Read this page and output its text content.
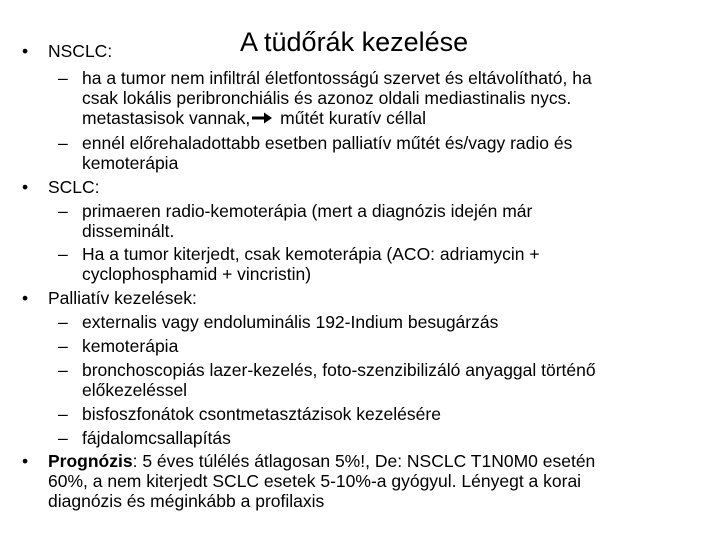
A tüdőrák kezelése
• NSCLC:
– ha a tumor nem infiltrál életfontosságú szervet és eltávolítható, ha
csak lokális peribronchiális és azonoz oldali mediastinalis nycs.
metastasisok vannak, műtét kuratív céllal
– ennél előrehaladottabb esetben palliatív műtét és/vagy radio és
kemoterápia
• SCLC:
– primaeren radio-kemoterápia (mert a diagnózis idején már
disseminált.
– Ha a tumor kiterjedt, csak kemoterápia (ACO: adriamycin +
cyclophosphamid + vincristin)
• Palliatív kezelések:
– externalis vagy endoluminális 192-Indium besugárzás
– kemoterápia
– bronchoscopiás lazer-kezelés, foto-szenzibilizáló anyaggal történő
előkezeléssel
– bisfoszfonátok csontmetasztázisok kezelésére
– fájdalomcsallapítás
• Prognózis: 5 éves túlélés átlagosan 5%!, De: NSCLC T1N0M0 esetén
60%, a nem kiterjedt SCLC esetek 5-10%-a gyógyul. Lényegt a korai
diagnózis és méginkább a profilaxis
